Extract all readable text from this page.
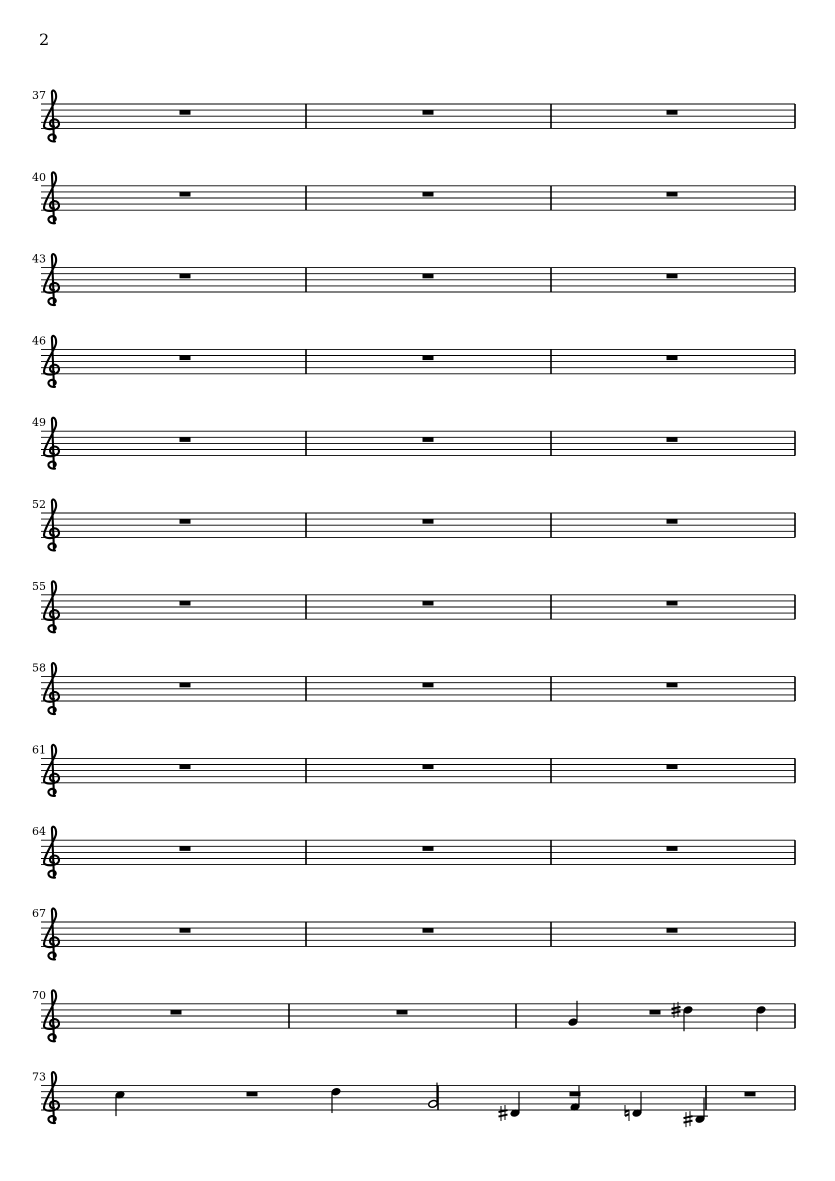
2
37
40
43
46
49
52
55
58
61
64
67
70
73
